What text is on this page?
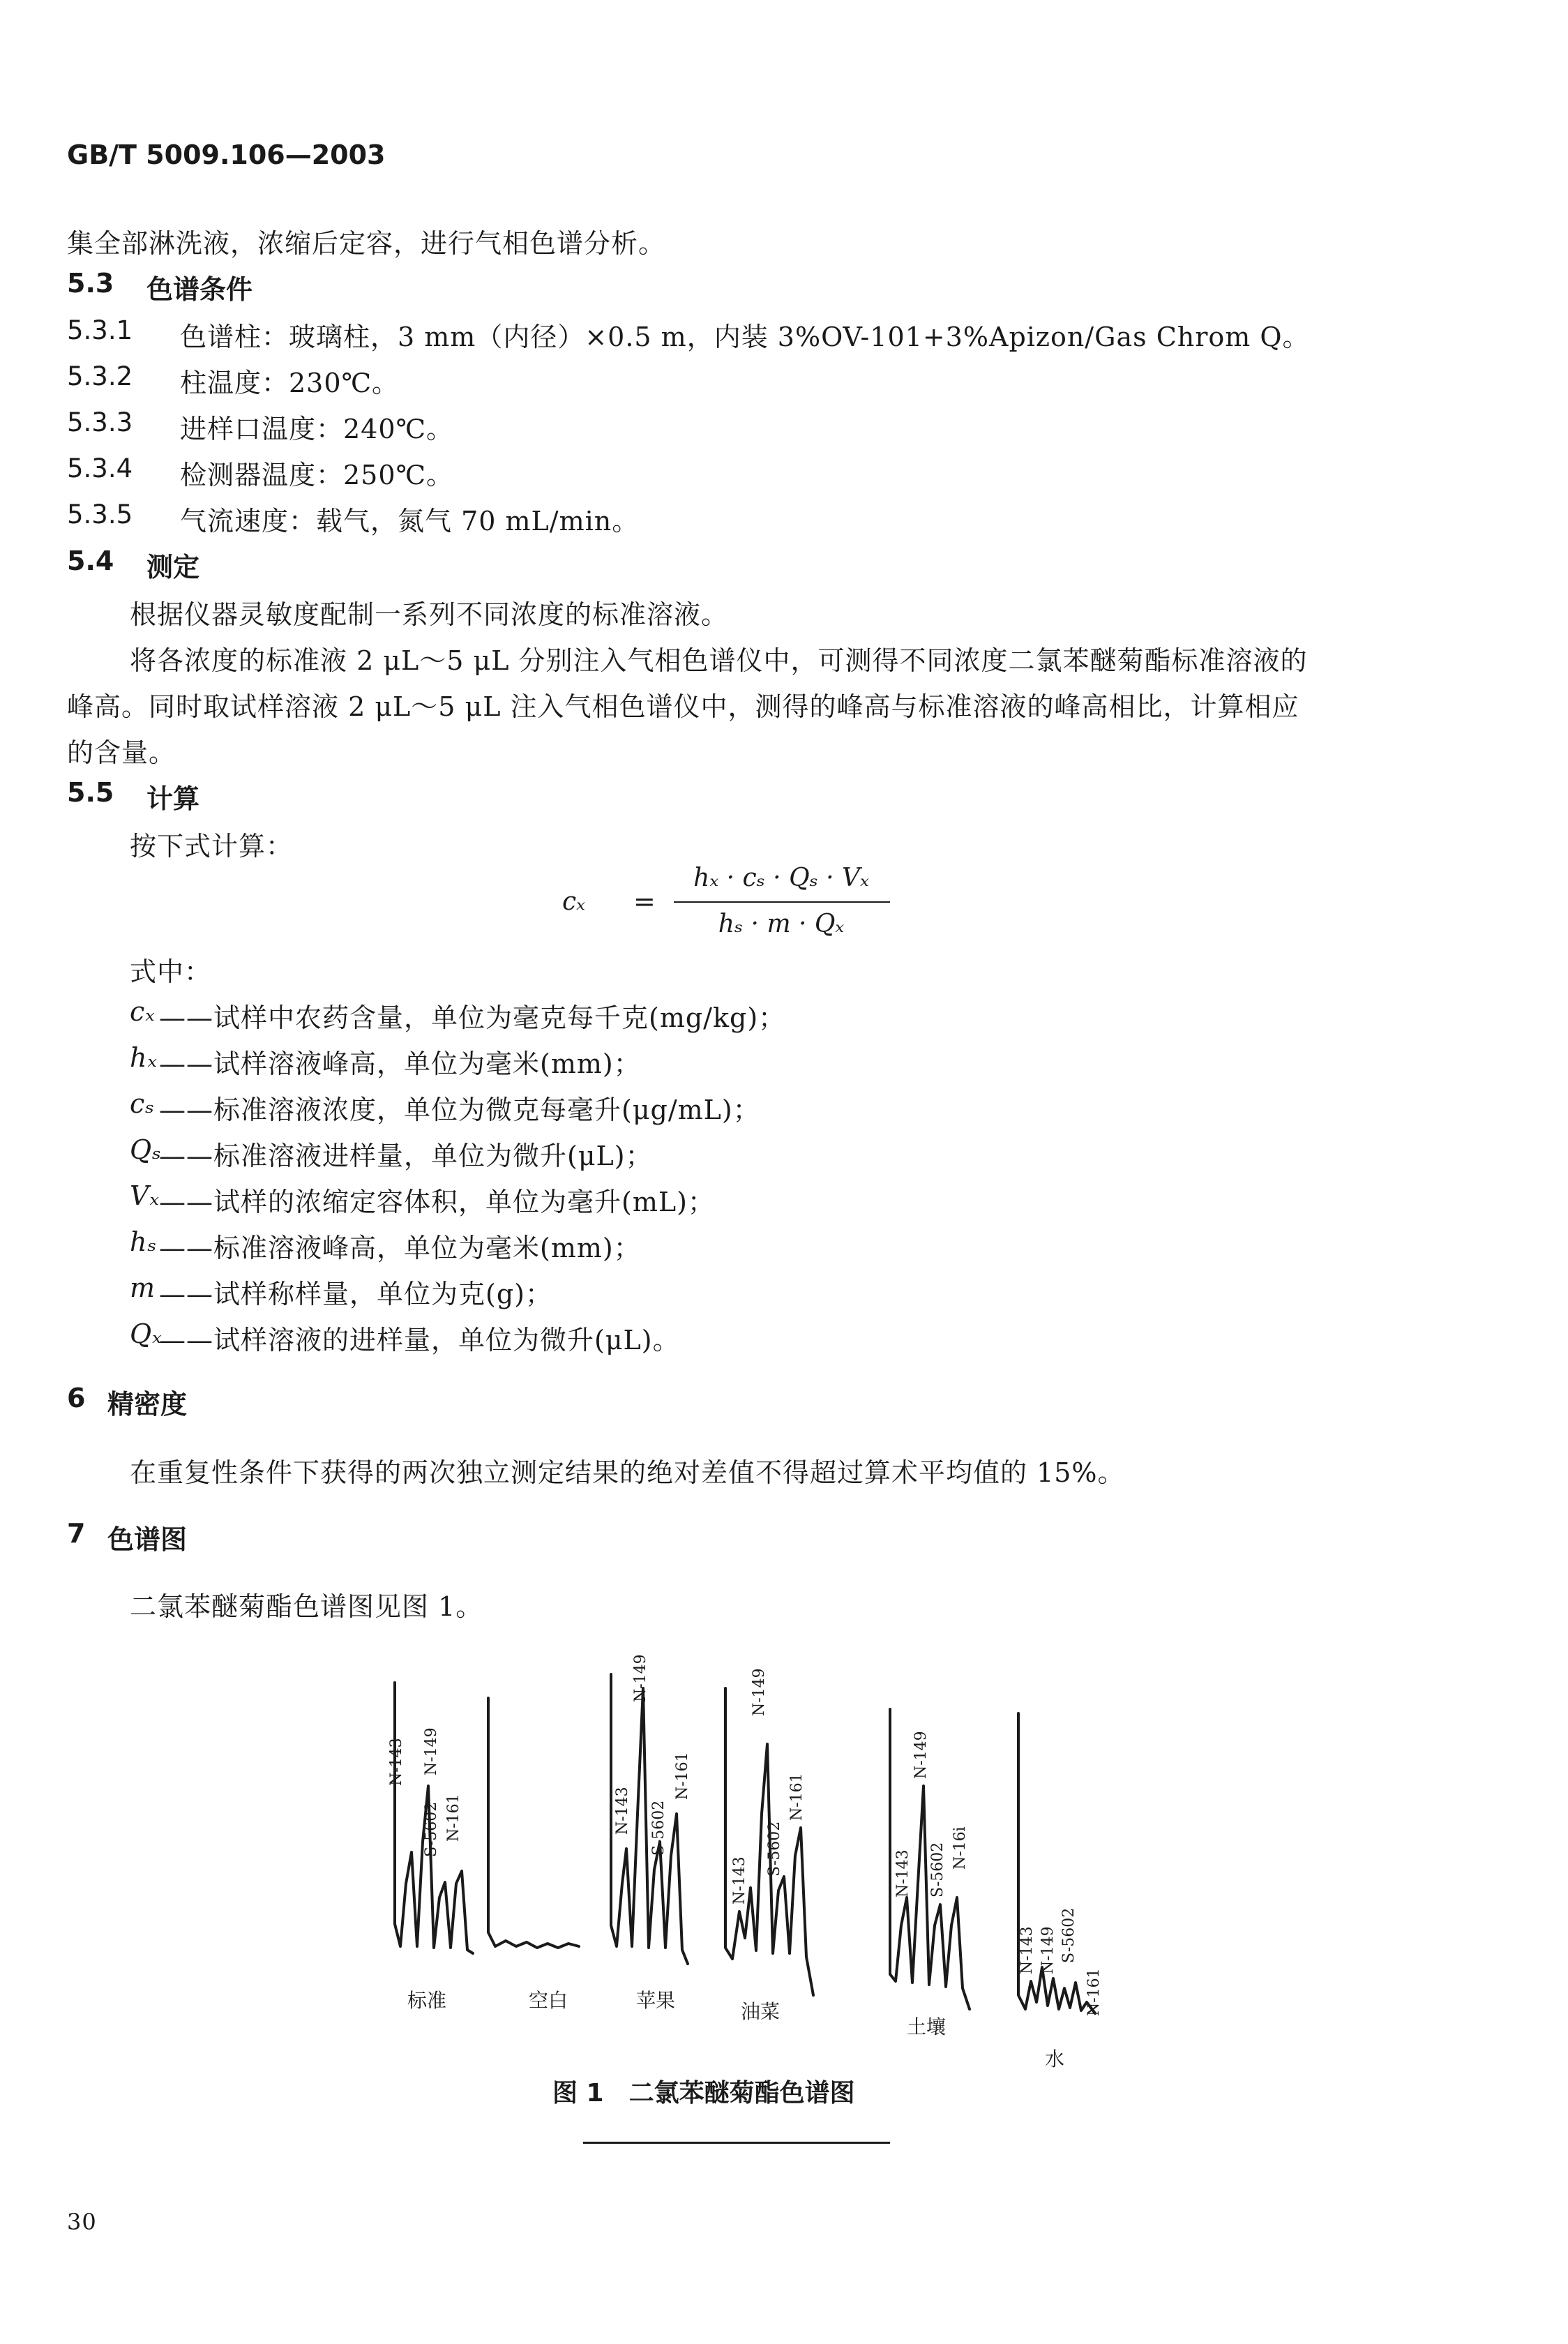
GB/T 5009.106—2003
集全部淋洗液，浓缩后定容，进行气相色谱分析。
5.3 色谱条件
5.3.1 色谱柱：玻璃柱，3 mm（内径）×0.5 m，内装 3%OV-101+3%Apizon/Gas Chrom Q。
5.3.2 柱温度：230℃。
5.3.3 进样口温度：240℃。
5.3.4 检测器温度：250℃。
5.3.5 气流速度：载气，氮气 70 mL/min。
5.4 测定
根据仪器灵敏度配制一系列不同浓度的标准溶液。
将各浓度的标准液 2 μL～5 μL 分别注入气相色谱仪中，可测得不同浓度二氯苯醚菊酯标准溶液的
峰高。同时取试样溶液 2 μL～5 μL 注入气相色谱仪中，测得的峰高与标准溶液的峰高相比，计算相应
的含量。
5.5 计算
按下式计算：
cₓ =
hₓ · cₛ · Qₛ · Vₓ
hₛ · m · Qₓ
式中：
cₓ ——试样中农药含量，单位为毫克每千克(mg/kg)；
hₓ ——试样溶液峰高，单位为毫米(mm)；
cₛ ——标准溶液浓度，单位为微克每毫升(μg/mL)；
Qₛ
——标准溶液进样量，单位为微升(μL)；
Vₓ ——试样的浓缩定容体积，单位为毫升(mL)；
hₛ ——标准溶液峰高，单位为毫米(mm)；
m ——试样称样量，单位为克(g)；
Qₓ
——试样溶液的进样量，单位为微升(μL)。
6 精密度
在重复性条件下获得的两次独立测定结果的绝对差值不得超过算术平均值的 15%。
7 色谱图
二氯苯醚菊酯色谱图见图 1。
N-143 N-149
S-5602 N-161
N-149
N-143 S-5602
N-161
N-149
N-143
S-5602
N-161
N-149
N-143 S-5602 N-16i
N-143 N-149 S-5602
N-161
标准	空白	苹果	油菜
土壤
水
图 1　二氯苯醚菊酯色谱图
30
